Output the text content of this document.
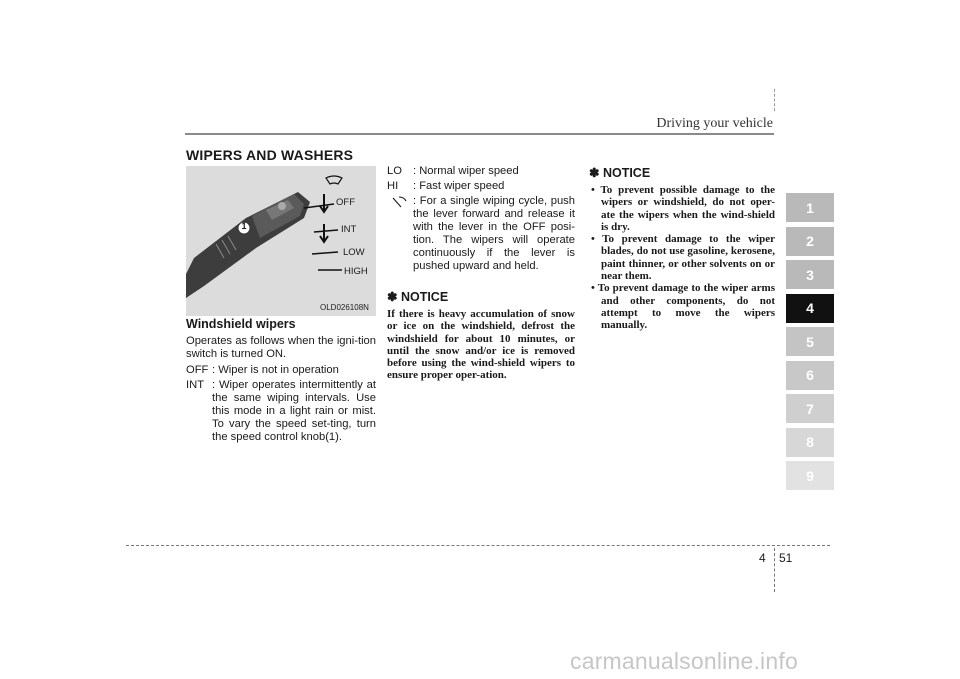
Driving your vehicle
WIPERS AND WASHERS
1
OFF
INT
LOW
HIGH
OLD026108N
Windshield wipers

Operates as follows when the igni-tion switch is turned ON.

OFF : Wiper is not in operation
INT : Wiper operates intermittently at the same wiping intervals. Use this mode in a light rain or mist. To vary the speed set-ting, turn the speed control knob(1).
LO : Normal wiper speed
HI	: Fast wiper speed
: For a single wiping cycle, push the lever forward and release it with the lever in the OFF posi-tion. The wipers will operate continuously if the lever is pushed upward and held.
✽ NOTICE
If there is heavy accumulation of snow or ice on the windshield, defrost the windshield for about 10 minutes, or until the snow and/or ice is removed before using the wind-shield wipers to ensure proper oper-ation.
✽ NOTICE
• To prevent possible damage to the wipers or windshield, do not oper-ate the wipers when the wind-shield is dry.
• To prevent damage to the wiper blades, do not use gasoline, kerosene, paint thinner, or other solvents on or near them.
• To prevent damage to the wiper arms and other components, do not attempt to move the wipers manually.
1
2
3
4
5
6
7
8
9
4 51
carmanualsonline.info
